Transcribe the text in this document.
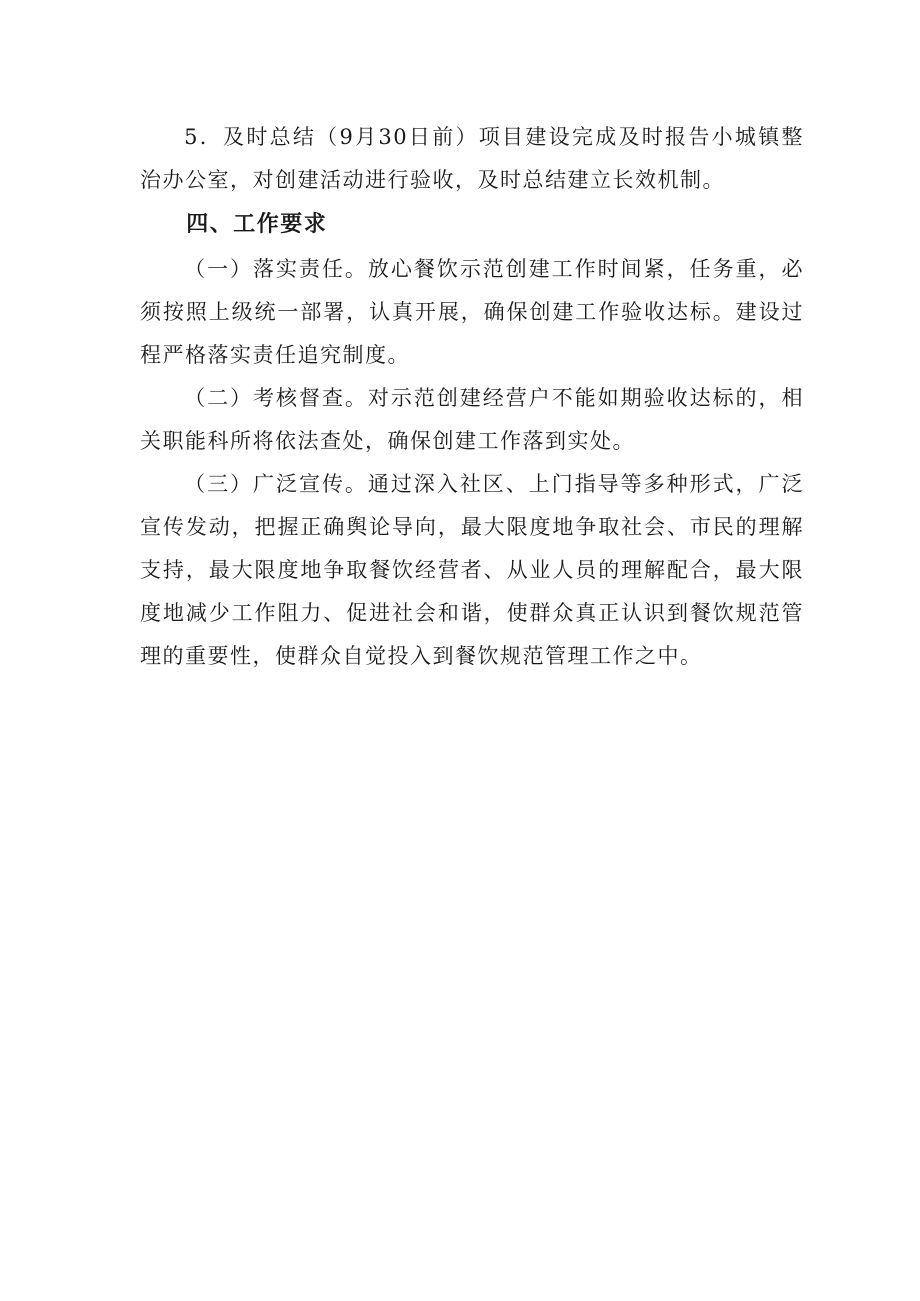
5．及时总结（9月30日前）项目建设完成及时报告小城镇整治办公室，对创建活动进行验收，及时总结建立长效机制。

四、工作要求

（一）落实责任。放心餐饮示范创建工作时间紧，任务重，必须按照上级统一部署，认真开展，确保创建工作验收达标。建设过程严格落实责任追究制度。

（二）考核督查。对示范创建经营户不能如期验收达标的，相关职能科所将依法查处，确保创建工作落到实处。

（三）广泛宣传。通过深入社区、上门指导等多种形式，广泛宣传发动，把握正确舆论导向，最大限度地争取社会、市民的理解支持，最大限度地争取餐饮经营者、从业人员的理解配合，最大限度地减少工作阻力、促进社会和谐，使群众真正认识到餐饮规范管理的重要性，使群众自觉投入到餐饮规范管理工作之中。
